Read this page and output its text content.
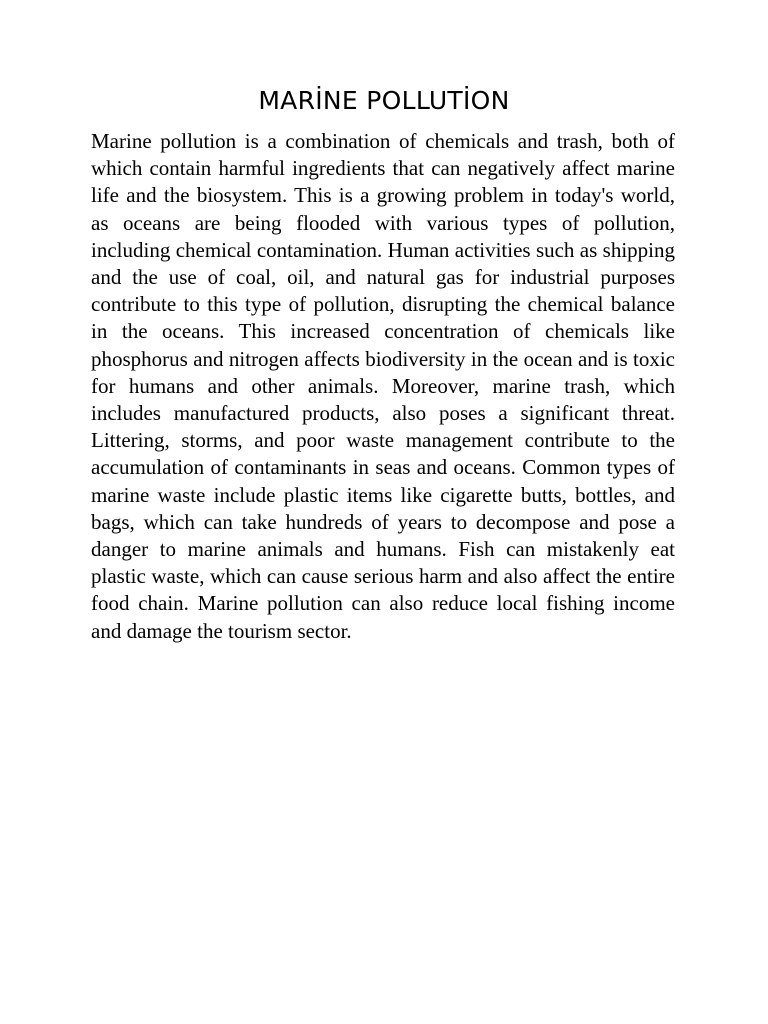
MARİNE POLLUTİON

Marine pollution is a combination of chemicals and trash, both of which contain harmful ingredients that can negatively affect marine life and the biosystem. This is a growing problem in today's world, as oceans are being flooded with various types of pollution, including chemical contamination. Human activities such as shipping and the use of coal, oil, and natural gas for industrial purposes contribute to this type of pollution, disrupting the chemical balance in the oceans. This increased concentration of chemicals like phosphorus and nitrogen affects biodiversity in the ocean and is toxic for humans and other animals. Moreover, marine trash, which includes manufactured products, also poses a significant threat. Littering, storms, and poor waste management contribute to the accumulation of contaminants in seas and oceans. Common types of marine waste include plastic items like cigarette butts, bottles, and bags, which can take hundreds of years to decompose and pose a danger to marine animals and humans. Fish can mistakenly eat plastic waste, which can cause serious harm and also affect the entire food chain. Marine pollution can also reduce local fishing income and damage the tourism sector.
